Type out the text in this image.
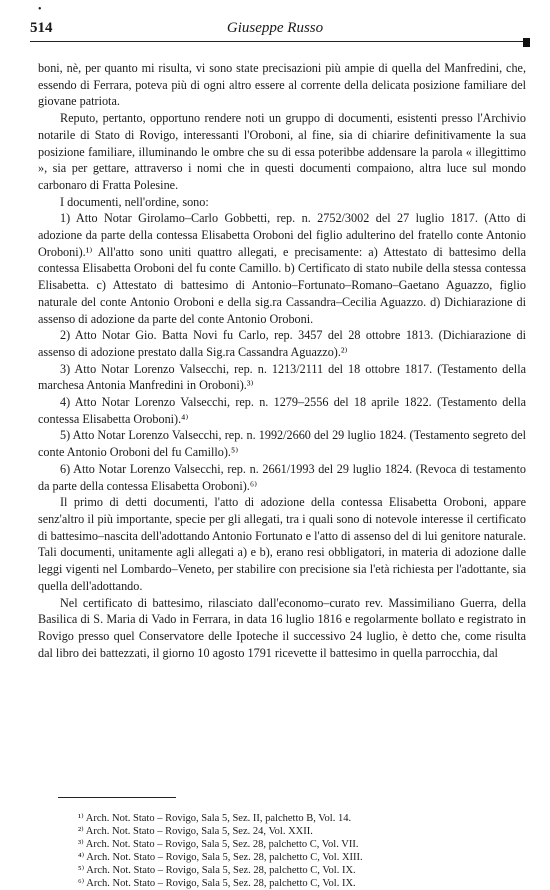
•
514	Giuseppe Russo

boni, nè, per quanto mi risulta, vi sono state precisazioni più ampie di quella del Manfredini, che, essendo di Ferrara, poteva più di ogni altro essere al corrente della delicata posizione familiare del giovane patriota.

Reputo, pertanto, opportuno rendere noti un gruppo di documenti, esistenti presso l'Archivio notarile di Stato di Rovigo, interessanti l'Oroboni, al fine, sia di chiarire definitivamente la sua posizione familiare, illuminando le ombre che su di essa poteribbe addensare la parola « illegittimo », sia per gettare, attraverso i nomi che in questi documenti compaiono, altra luce sul mondo carbonaro di Fratta Polesine.

I documenti, nell'ordine, sono:

1) Atto Notar Girolamo–Carlo Gobbetti, rep. n. 2752/3002 del 27 luglio 1817. (Atto di adozione da parte della contessa Elisabetta Oroboni del figlio adulterino del fratello conte Antonio Oroboni).¹⁾ All'atto sono uniti quattro allegati, e precisamente: a) Attestato di battesimo della contessa Elisabetta Oroboni del fu conte Camillo. b) Certificato di stato nubile della stessa contessa Elisabetta. c) Attestato di battesimo di Antonio–Fortunato–Romano–Gaetano Aguazzo, figlio naturale del conte Antonio Oroboni e della sig.ra Cassandra–Cecilia Aguazzo. d) Dichiarazione di assenso di adozione da parte del conte Antonio Oroboni.

2) Atto Notar Gio. Batta Novi fu Carlo, rep. 3457 del 28 ottobre 1813. (Dichiarazione di assenso di adozione prestato dalla Sig.ra Cassandra Aguazzo).²⁾

3) Atto Notar Lorenzo Valsecchi, rep. n. 1213/2111 del 18 ottobre 1817. (Testamento della marchesa Antonia Manfredini in Oroboni).³⁾

4) Atto Notar Lorenzo Valsecchi, rep. n. 1279–2556 del 18 aprile 1822. (Testamento della contessa Elisabetta Oroboni).⁴⁾

5) Atto Notar Lorenzo Valsecchi, rep. n. 1992/2660 del 29 luglio 1824. (Testamento segreto del conte Antonio Oroboni del fu Camillo).⁵⁾

6) Atto Notar Lorenzo Valsecchi, rep. n. 2661/1993 del 29 luglio 1824. (Revoca di testamento da parte della contessa Elisabetta Oroboni).⁶⁾

Il primo di detti documenti, l'atto di adozione della contessa Elisabetta Oroboni, appare senz'altro il più importante, specie per gli allegati, tra i quali sono di notevole interesse il certificato di battesimo–nascita dell'adottando Antonio Fortunato e l'atto di assenso del di lui genitore naturale. Tali documenti, unitamente agli allegati a) e b), erano resi obbligatori, in materia di adozione dalle leggi vigenti nel Lombardo–Veneto, per stabilire con precisione sia l'età richiesta per l'adottante, sia quella dell'adottando.

Nel certificato di battesimo, rilasciato dall'economo–curato rev. Massimiliano Guerra, della Basilica di S. Maria di Vado in Ferrara, in data 16 luglio 1816 e regolarmente bollato e registrato in Rovigo presso quel Conservatore delle Ipoteche il successivo 24 luglio, è detto che, come risulta dal libro dei battezzati, il giorno 10 agosto 1791 ricevette il battesimo in quella parrocchia, dal

¹⁾ Arch. Not. Stato – Rovigo, Sala 5, Sez. II, palchetto B, Vol. 14.
²⁾ Arch. Not. Stato – Rovigo, Sala 5, Sez. 24, Vol. XXII.
³⁾ Arch. Not. Stato – Rovigo, Sala 5, Sez. 28, palchetto C, Vol. VII.
⁴⁾ Arch. Not. Stato – Rovigo, Sala 5, Sez. 28, palchetto C, Vol. XIII.
⁵⁾ Arch. Not. Stato – Rovigo, Sala 5, Sez. 28, palchetto C, Vol. IX.
⁶⁾ Arch. Not. Stato – Rovigo, Sala 5, Sez. 28, palchetto C, Vol. IX.
